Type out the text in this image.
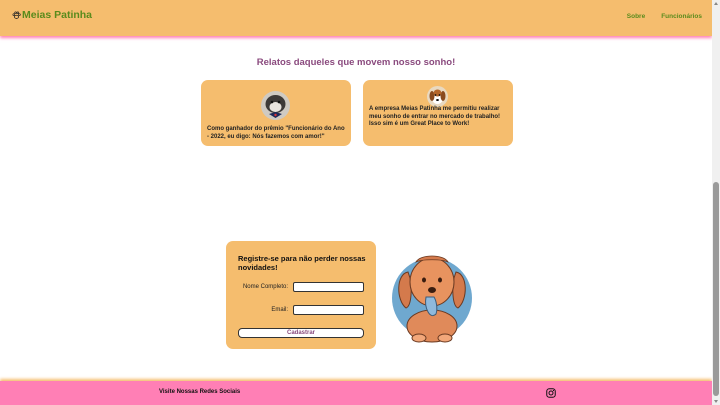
Meias Patinha	Sobre Funcionários
Relatos daqueles que movem nosso sonho!
Como ganhador do prêmio "Funcionário do Ano - 2022, eu digo: Nós fazemos com amor!"
A empresa Meias Patinha me permitiu realizar meu sonho de entrar no mercado de trabalho! Isso sim é um Great Place to Work!
Registre-se para não perder nossas novidades!
Nome Completo:
Email:
Cadastrar
Visite Nossas Redes Sociais
